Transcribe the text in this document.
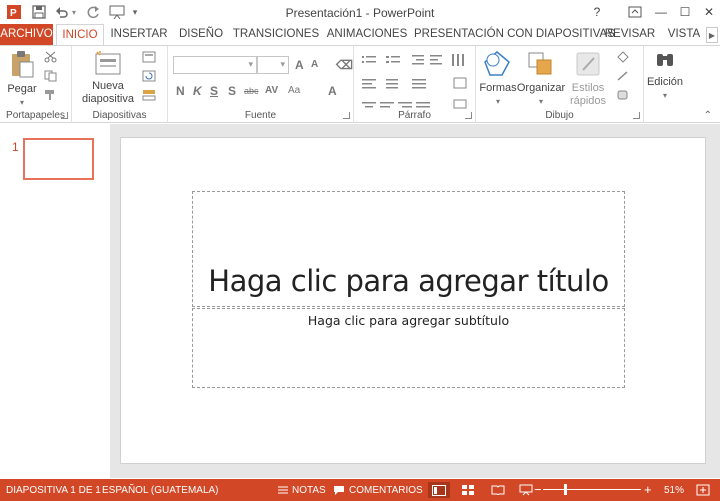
P	▾	▾	Presentación1 - PowerPoint	?	—	☐	✕
ARCHIVO INICIO	INSERTAR DISEÑO TRANSICIONES ANIMACIONES PRESENTACIÓN CON DIAPOSITIVAS
REVISAR	VISTA	▶
Pegar
▾
Portapapeles
Nueva
diapositiva
Diapositivas
▾
▾
A A ⌫
N K S S abc AV Aa A
Fuente	Párrafo
Formas
▾
Organizar
▾
Estilos
rápidos
Dibujo
Edición
▾
⌃
1
Haga clic para agregar título
Haga clic para agregar subtítulo
DIAPOSITIVA 1 DE 1 ESPAÑOL (GUATEMALA)	NOTAS COMENTARIOS	−	+ 51%
